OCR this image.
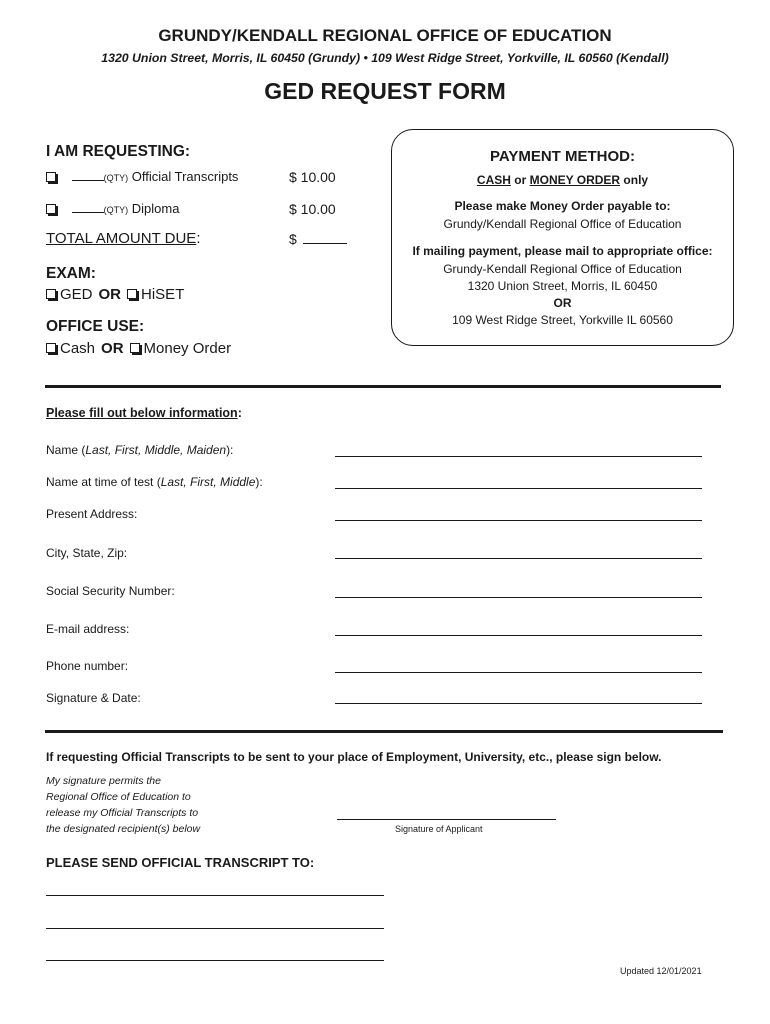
GRUNDY/KENDALL REGIONAL OFFICE OF EDUCATION
1320 Union Street, Morris, IL 60450 (Grundy) • 109 West Ridge Street, Yorkville, IL 60560 (Kendall)
GED REQUEST FORM
I AM REQUESTING:
(QTY) Official Transcripts	$ 10.00
(QTY) Diploma	$ 10.00
TOTAL AMOUNT DUE:	$
EXAM:
GED OR HiSET
OFFICE USE:
Cash OR Money Order
PAYMENT METHOD:
CASH or MONEY ORDER only
Please make Money Order payable to:
Grundy/Kendall Regional Office of Education
If mailing payment, please mail to appropriate office:
Grundy-Kendall Regional Office of Education
1320 Union Street, Morris, IL 60450
OR
109 West Ridge Street, Yorkville IL 60560
Please fill out below information:
Name (Last, First, Middle, Maiden):
Name at time of test (Last, First, Middle):
Present Address:
City, State, Zip:
Social Security Number:
E-mail address:
Phone number:
Signature & Date:
If requesting Official Transcripts to be sent to your place of Employment, University, etc., please sign below.
My signature permits the
Regional Office of Education to
release my Official Transcripts to
the designated recipient(s) below	Signature of Applicant
PLEASE SEND OFFICIAL TRANSCRIPT TO:
Updated 12/01/2021
